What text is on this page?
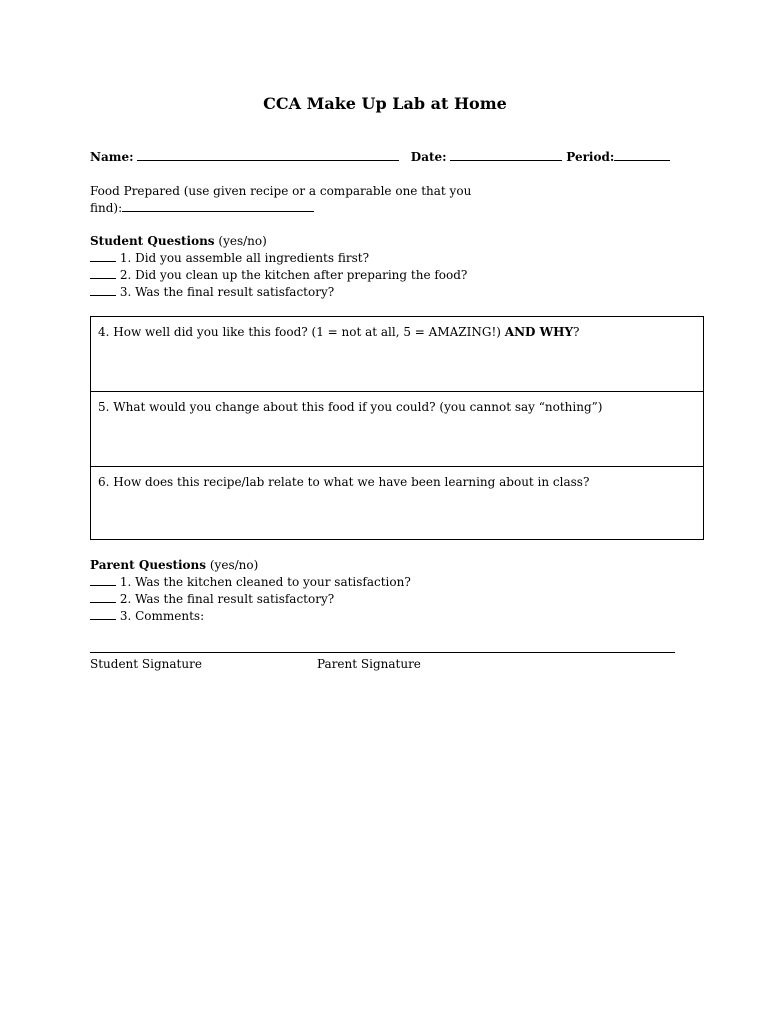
CCA Make Up Lab at Home
Name:	Date:	Period:
Food Prepared (use given recipe or a comparable one that you
find):
Student Questions (yes/no)
1. Did you assemble all ingredients first?
2. Did you clean up the kitchen after preparing the food?
3. Was the final result satisfactory?
4. How well did you like this food? (1 = not at all, 5 = AMAZING!) AND WHY?
5. What would you change about this food if you could? (you cannot say “nothing”)
6. How does this recipe/lab relate to what we have been learning about in class?
Parent Questions (yes/no)
1. Was the kitchen cleaned to your satisfaction?
2. Was the final result satisfactory?
3. Comments:
Student Signature	Parent Signature
